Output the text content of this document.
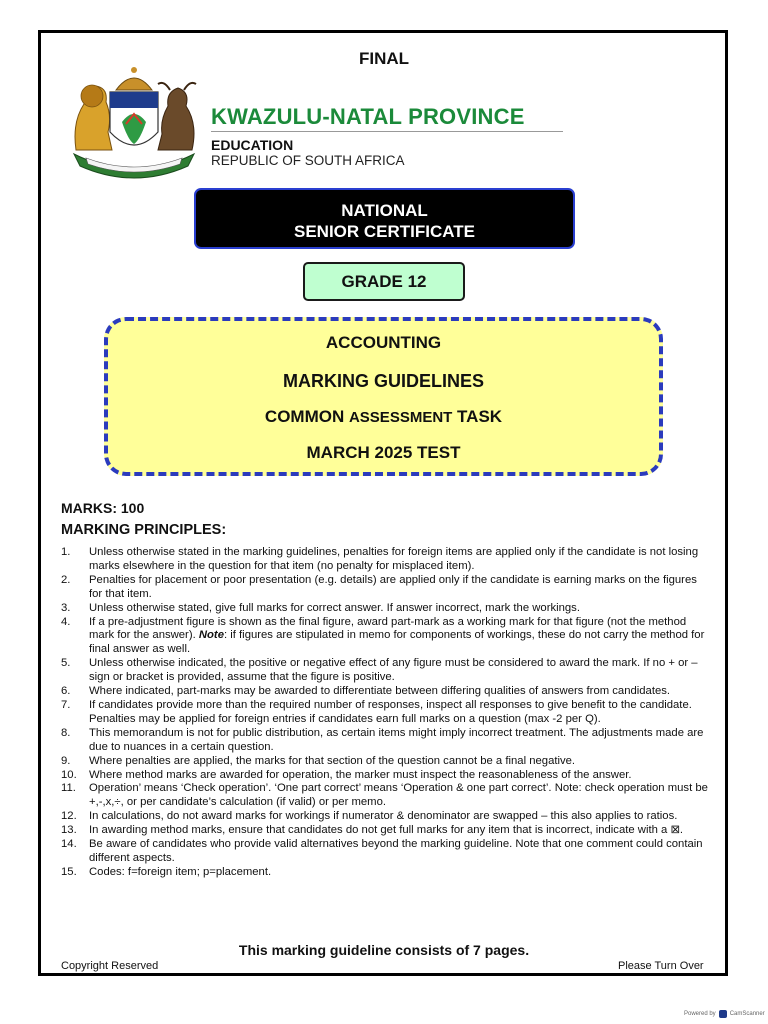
FINAL
KWAZULU-NATAL PROVINCE
EDUCATION
REPUBLIC OF SOUTH AFRICA
NATIONAL
SENIOR CERTIFICATE
GRADE 12
ACCOUNTING
MARKING GUIDELINES
COMMON ASSESSMENT TASK
MARCH 2025 TEST
MARKS: 100
MARKING PRINCIPLES:
1.	Unless otherwise stated in the marking guidelines, penalties for foreign items are applied only if the candidate is not losing marks elsewhere in the question for that item (no penalty for misplaced item).
2.	Penalties for placement or poor presentation (e.g. details) are applied only if the candidate is earning marks on the figures for that item.
3.	Unless otherwise stated, give full marks for correct answer. If answer incorrect, mark the workings.
4.	If a pre-adjustment figure is shown as the final figure, award part-mark as a working mark for that figure (not the method mark for the answer). Note: if figures are stipulated in memo for components of workings, these do not carry the method for final answer as well.
5.	Unless otherwise indicated, the positive or negative effect of any figure must be considered to award the mark. If no + or – sign or bracket is provided, assume that the figure is positive.
6.	Where indicated, part-marks may be awarded to differentiate between differing qualities of answers from candidates.
7.	If candidates provide more than the required number of responses, inspect all responses to give benefit to the candidate. Penalties may be applied for foreign entries if candidates earn full marks on a question (max -2 per Q).
8.	This memorandum is not for public distribution, as certain items might imply incorrect treatment. The adjustments made are due to nuances in a certain question.
9.	Where penalties are applied, the marks for that section of the question cannot be a final negative.
10.	Where method marks are awarded for operation, the marker must inspect the reasonableness of the answer.
11.	Operation’ means ‘Check operation’. ‘One part correct’ means ‘Operation & one part correct’. Note: check operation must be +,-,x,÷, or per candidate’s calculation (if valid) or per memo.
12.	In calculations, do not award marks for workings if numerator & denominator are swapped – this also applies to ratios.
13.	In awarding method marks, ensure that candidates do not get full marks for any item that is incorrect, indicate with a ⊠.
14.	Be aware of candidates who provide valid alternatives beyond the marking guideline. Note that one comment could contain different aspects.
15.	Codes: f=foreign item; p=placement.
This marking guideline consists of 7 pages.
Copyright Reserved	Please Turn Over
Powered by CamScanner
